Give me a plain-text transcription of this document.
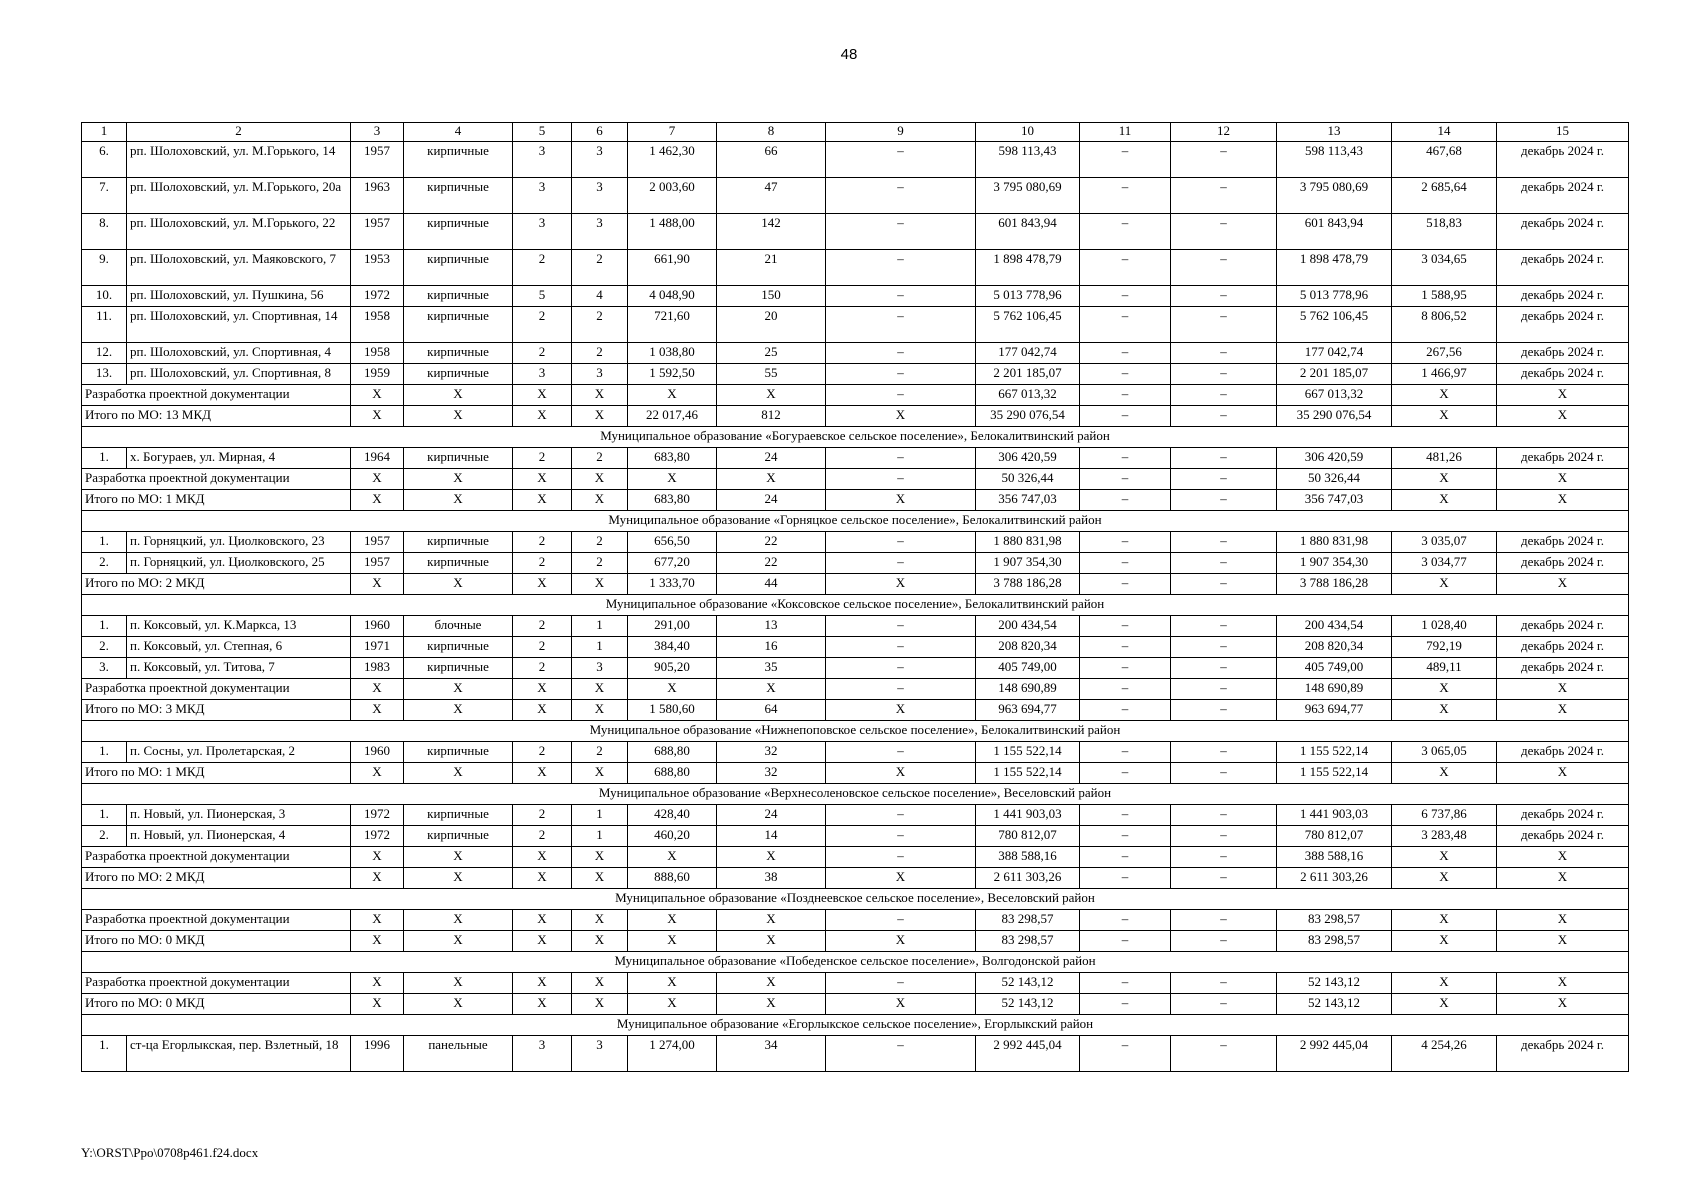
48
1	2	3	4	5	6	7	8	9	10	11	12	13	14	15
6.	рп. Шолоховский, ул. М.Горького, 14	1957	кирпичные	3	3	1 462,30	66	–	598 113,43	–	–	598 113,43	467,68	декабрь 2024 г.
7.	рп. Шолоховский, ул. М.Горького, 20а	1963	кирпичные	3	3	2 003,60	47	–	3 795 080,69	–	–	3 795 080,69	2 685,64	декабрь 2024 г.
8.	рп. Шолоховский, ул. М.Горького, 22	1957	кирпичные	3	3	1 488,00	142	–	601 843,94	–	–	601 843,94	518,83	декабрь 2024 г.
9.	рп. Шолоховский, ул. Маяковского, 7	1953	кирпичные	2	2	661,90	21	–	1 898 478,79	–	–	1 898 478,79	3 034,65	декабрь 2024 г.
10.	рп. Шолоховский, ул. Пушкина, 56	1972	кирпичные	5	4	4 048,90	150	–	5 013 778,96	–	–	5 013 778,96	1 588,95	декабрь 2024 г.
11.	рп. Шолоховский, ул. Спортивная, 14	1958	кирпичные	2	2	721,60	20	–	5 762 106,45	–	–	5 762 106,45	8 806,52	декабрь 2024 г.
12.	рп. Шолоховский, ул. Спортивная, 4	1958	кирпичные	2	2	1 038,80	25	–	177 042,74	–	–	177 042,74	267,56	декабрь 2024 г.
13.	рп. Шолоховский, ул. Спортивная, 8	1959	кирпичные	3	3	1 592,50	55	–	2 201 185,07	–	–	2 201 185,07	1 466,97	декабрь 2024 г.
Разработка проектной документации		X	X	X	X	X	X	–	667 013,32	–	–	667 013,32	X	X
Итого по МО: 13 МКД		X	X	X	X	22 017,46	812	X	35 290 076,54	–	–	35 290 076,54	X	X
Муниципальное образование «Богураевское сельское поселение», Белокалитвинский район														
1.	х. Богураев, ул. Мирная, 4	1964	кирпичные	2	2	683,80	24	–	306 420,59	–	–	306 420,59	481,26	декабрь 2024 г.
Разработка проектной документации		X	X	X	X	X	X	–	50 326,44	–	–	50 326,44	X	X
Итого по МО: 1 МКД		X	X	X	X	683,80	24	X	356 747,03	–	–	356 747,03	X	X
Муниципальное образование «Горняцкое сельское поселение», Белокалитвинский район														
1.	п. Горняцкий, ул. Циолковского, 23	1957	кирпичные	2	2	656,50	22	–	1 880 831,98	–	–	1 880 831,98	3 035,07	декабрь 2024 г.
2.	п. Горняцкий, ул. Циолковского, 25	1957	кирпичные	2	2	677,20	22	–	1 907 354,30	–	–	1 907 354,30	3 034,77	декабрь 2024 г.
Итого по МО: 2 МКД		X	X	X	X	1 333,70	44	X	3 788 186,28	–	–	3 788 186,28	X	X
Муниципальное образование «Коксовское сельское поселение», Белокалитвинский район														
1.	п. Коксовый, ул. К.Маркса, 13	1960	блочные	2	1	291,00	13	–	200 434,54	–	–	200 434,54	1 028,40	декабрь 2024 г.
2.	п. Коксовый, ул. Степная, 6	1971	кирпичные	2	1	384,40	16	–	208 820,34	–	–	208 820,34	792,19	декабрь 2024 г.
3.	п. Коксовый, ул. Титова, 7	1983	кирпичные	2	3	905,20	35	–	405 749,00	–	–	405 749,00	489,11	декабрь 2024 г.
Разработка проектной документации		X	X	X	X	X	X	–	148 690,89	–	–	148 690,89	X	X
Итого по МО: 3 МКД		X	X	X	X	1 580,60	64	X	963 694,77	–	–	963 694,77	X	X
Муниципальное образование «Нижнепоповское сельское поселение», Белокалитвинский район														
1.	п. Сосны, ул. Пролетарская, 2	1960	кирпичные	2	2	688,80	32	–	1 155 522,14	–	–	1 155 522,14	3 065,05	декабрь 2024 г.
Итого по МО: 1 МКД		X	X	X	X	688,80	32	X	1 155 522,14	–	–	1 155 522,14	X	X
Муниципальное образование «Верхнесоленовское сельское поселение», Веселовский район														
1.	п. Новый, ул. Пионерская, 3	1972	кирпичные	2	1	428,40	24	–	1 441 903,03	–	–	1 441 903,03	6 737,86	декабрь 2024 г.
2.	п. Новый, ул. Пионерская, 4	1972	кирпичные	2	1	460,20	14	–	780 812,07	–	–	780 812,07	3 283,48	декабрь 2024 г.
Разработка проектной документации		X	X	X	X	X	X	–	388 588,16	–	–	388 588,16	X	X
Итого по МО: 2 МКД		X	X	X	X	888,60	38	X	2 611 303,26	–	–	2 611 303,26	X	X
Муниципальное образование «Позднеевское сельское поселение», Веселовский район														
Разработка проектной документации		X	X	X	X	X	X	–	83 298,57	–	–	83 298,57	X	X
Итого по МО: 0 МКД		X	X	X	X	X	X	X	83 298,57	–	–	83 298,57	X	X
Муниципальное образование «Победенское сельское поселение», Волгодонской район														
Разработка проектной документации		X	X	X	X	X	X	–	52 143,12	–	–	52 143,12	X	X
Итого по МО: 0 МКД		X	X	X	X	X	X	X	52 143,12	–	–	52 143,12	X	X
Муниципальное образование «Егорлыкское сельское поселение», Егорлыкский район														
1.	ст-ца Егорлыкская, пер. Взлетный, 18	1996	панельные	3	3	1 274,00	34	–	2 992 445,04	–	–	2 992 445,04	4 254,26	декабрь 2024 г.
Y:\ORST\Ppo\0708p461.f24.docx
